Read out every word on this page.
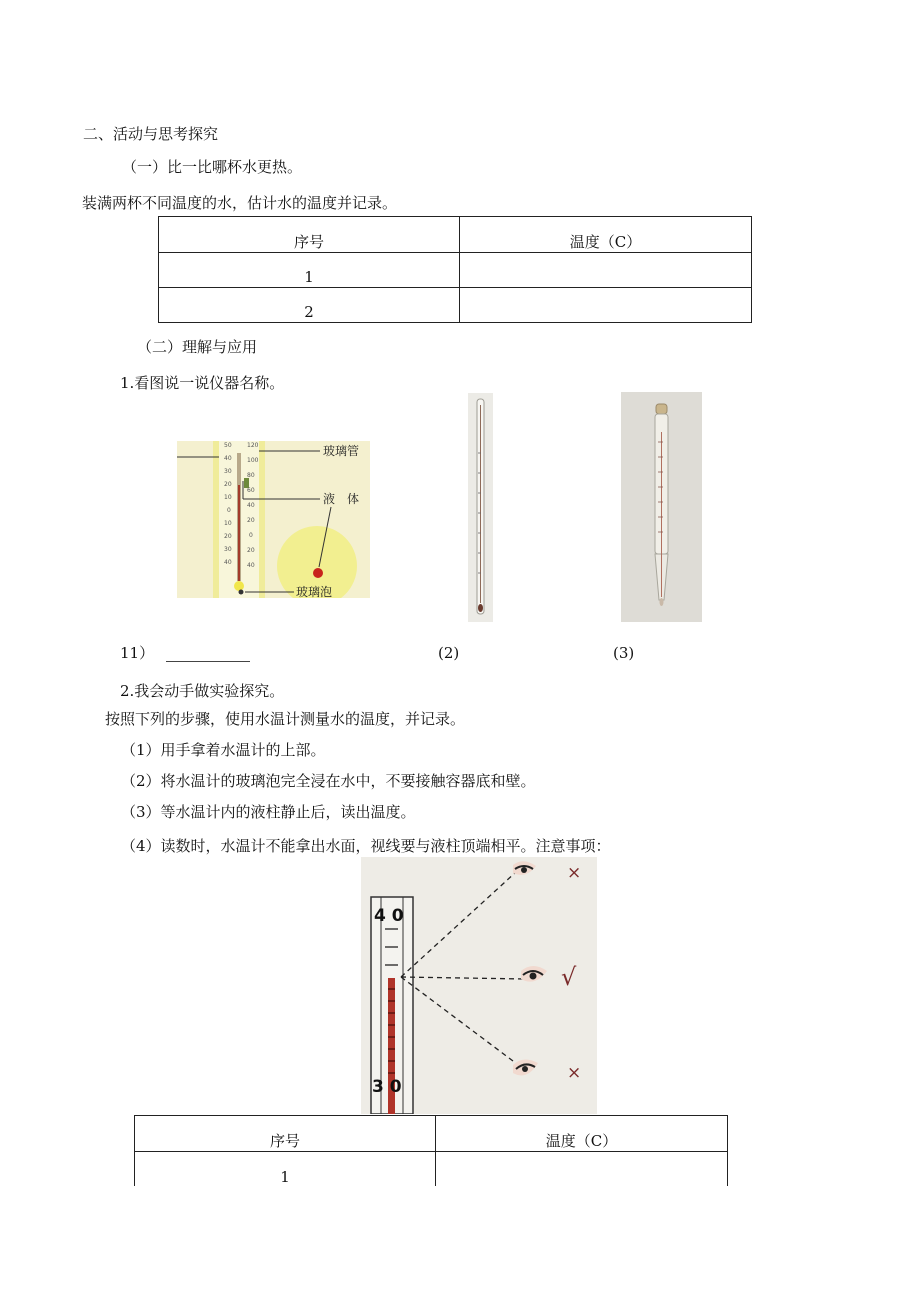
二、活动与思考探究
（一）比一比哪杯水更热。
装满两杯不同温度的水，估计水的温度并记录。
序号	温度（C）
1	
2	
（二）理解与应用
1.看图说一说仪器名称。
50
40
30
20
10
0
10
20
30
40
120
100
80
60
40
20
0
20
40
玻璃管
液　体
玻璃泡
11）	(2)	(3)
2.我会动手做实验探究。
按照下列的步骤，使用水温计测量水的温度，并记录。
（1）用手拿着水温计的上部。
（2）将水温计的玻璃泡完全浸在水中，不要接触容器底和壁。
（3）等水温计内的液柱静止后，读出温度。
（4）读数时，水温计不能拿出水面，视线要与液柱顶端相平。注意事项：
4 0
3 0
×
√
×
序号	温度（C）
1	
